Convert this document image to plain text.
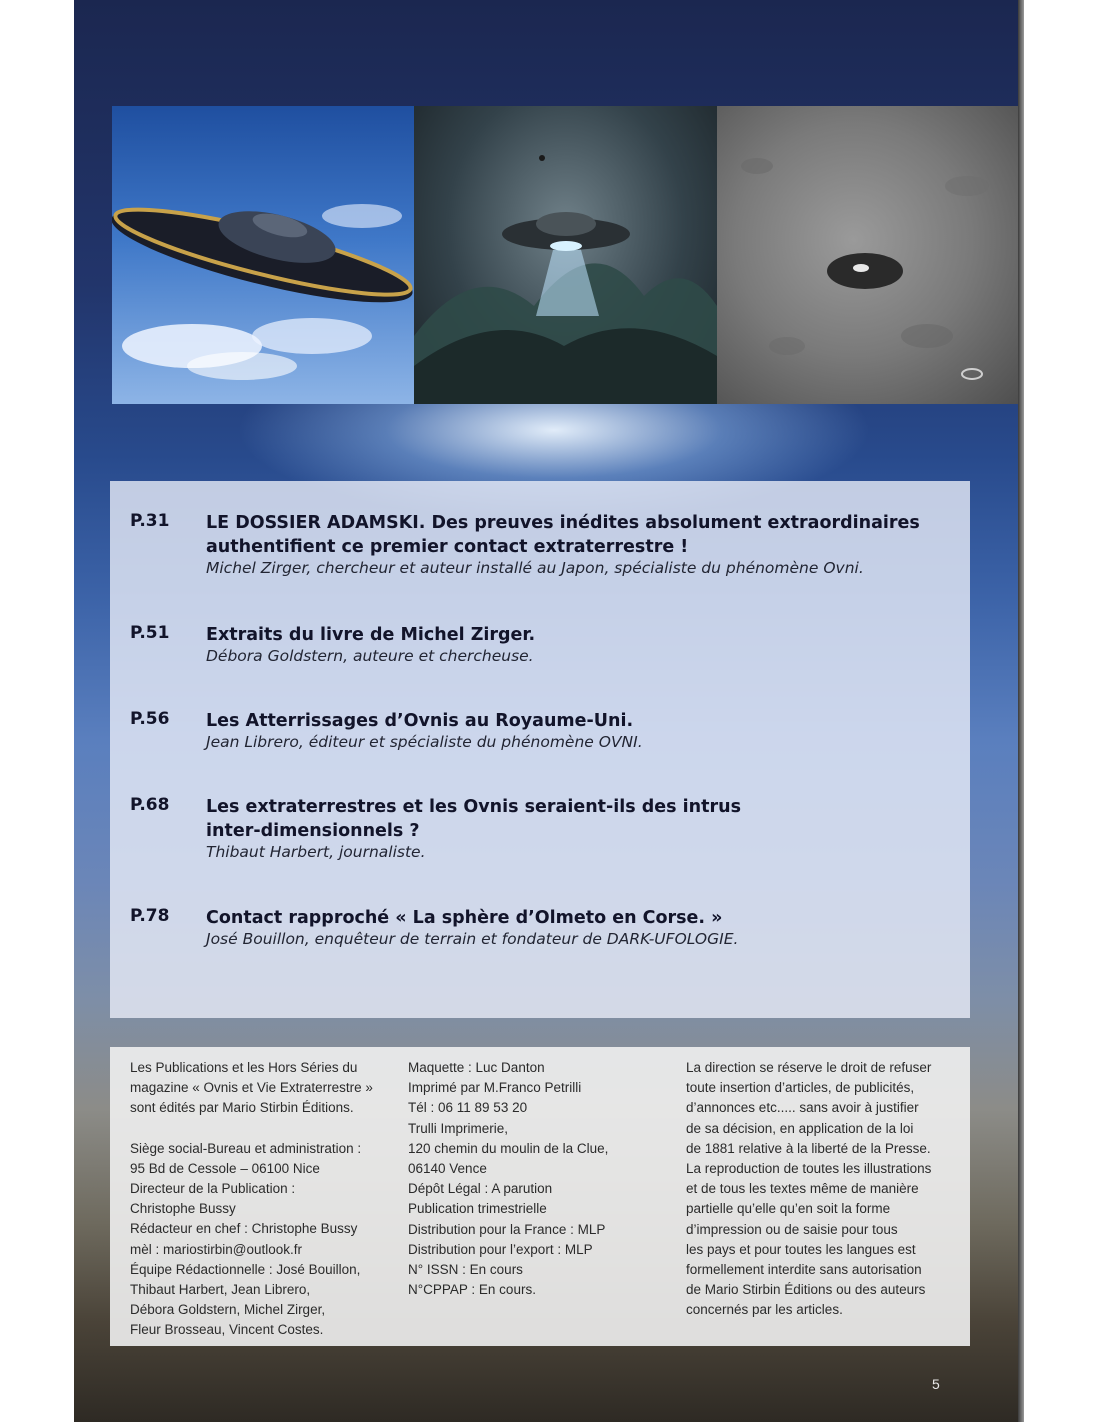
P.31 LE DOSSIER ADAMSKI. Des preuves inédites absolument extraordinaires
authentifient ce premier contact extraterrestre !
Michel Zirger, chercheur et auteur installé au Japon, spécialiste du phénomène Ovni.
P.51 Extraits du livre de Michel Zirger.
Débora Goldstern, auteure et chercheuse.
P.56 Les Atterrissages d’Ovnis au Royaume-Uni.
Jean Librero, éditeur et spécialiste du phénomène OVNI.
P.68 Les extraterrestres et les Ovnis seraient-ils des intrus
inter-dimensionnels ?
Thibaut Harbert, journaliste.
P.78 Contact rapproché « La sphère d’Olmeto en Corse. »
José Bouillon, enquêteur de terrain et fondateur de DARK-UFOLOGIE.

Les Publications et les Hors Séries du

magazine « Ovnis et Vie Extraterrestre »

sont édités par Mario Stirbin Éditions.

Siège social-Bureau et administration :

95 Bd de Cessole – 06100 Nice

Directeur de la Publication :

Christophe Bussy

Rédacteur en chef : Christophe Bussy

mèl : mariostirbin@outlook.fr

Équipe Rédactionnelle : José Bouillon,

Thibaut Harbert, Jean Librero,

Débora Goldstern, Michel Zirger,

Fleur Brosseau, Vincent Costes.

Maquette : Luc Danton

Imprimé par M.Franco Petrilli

Tél : 06 11 89 53 20

Trulli Imprimerie,

120 chemin du moulin de la Clue,

06140 Vence

Dépôt Légal : A parution

Publication trimestrielle

Distribution pour la France : MLP

Distribution pour l’export : MLP

N° ISSN : En cours

N°CPPAP : En cours.

La direction se réserve le droit de refuser

toute insertion d’articles, de publicités,

d’annonces etc..... sans avoir à justifier

de sa décision, en application de la loi

de 1881 relative à la liberté de la Presse.

La reproduction de toutes les illustrations

et de tous les textes même de manière

partielle qu’elle qu’en soit la forme

d’impression ou de saisie pour tous

les pays et pour toutes les langues est

formellement interdite sans autorisation

de Mario Stirbin Éditions ou des auteurs

concernés par les articles.

5
